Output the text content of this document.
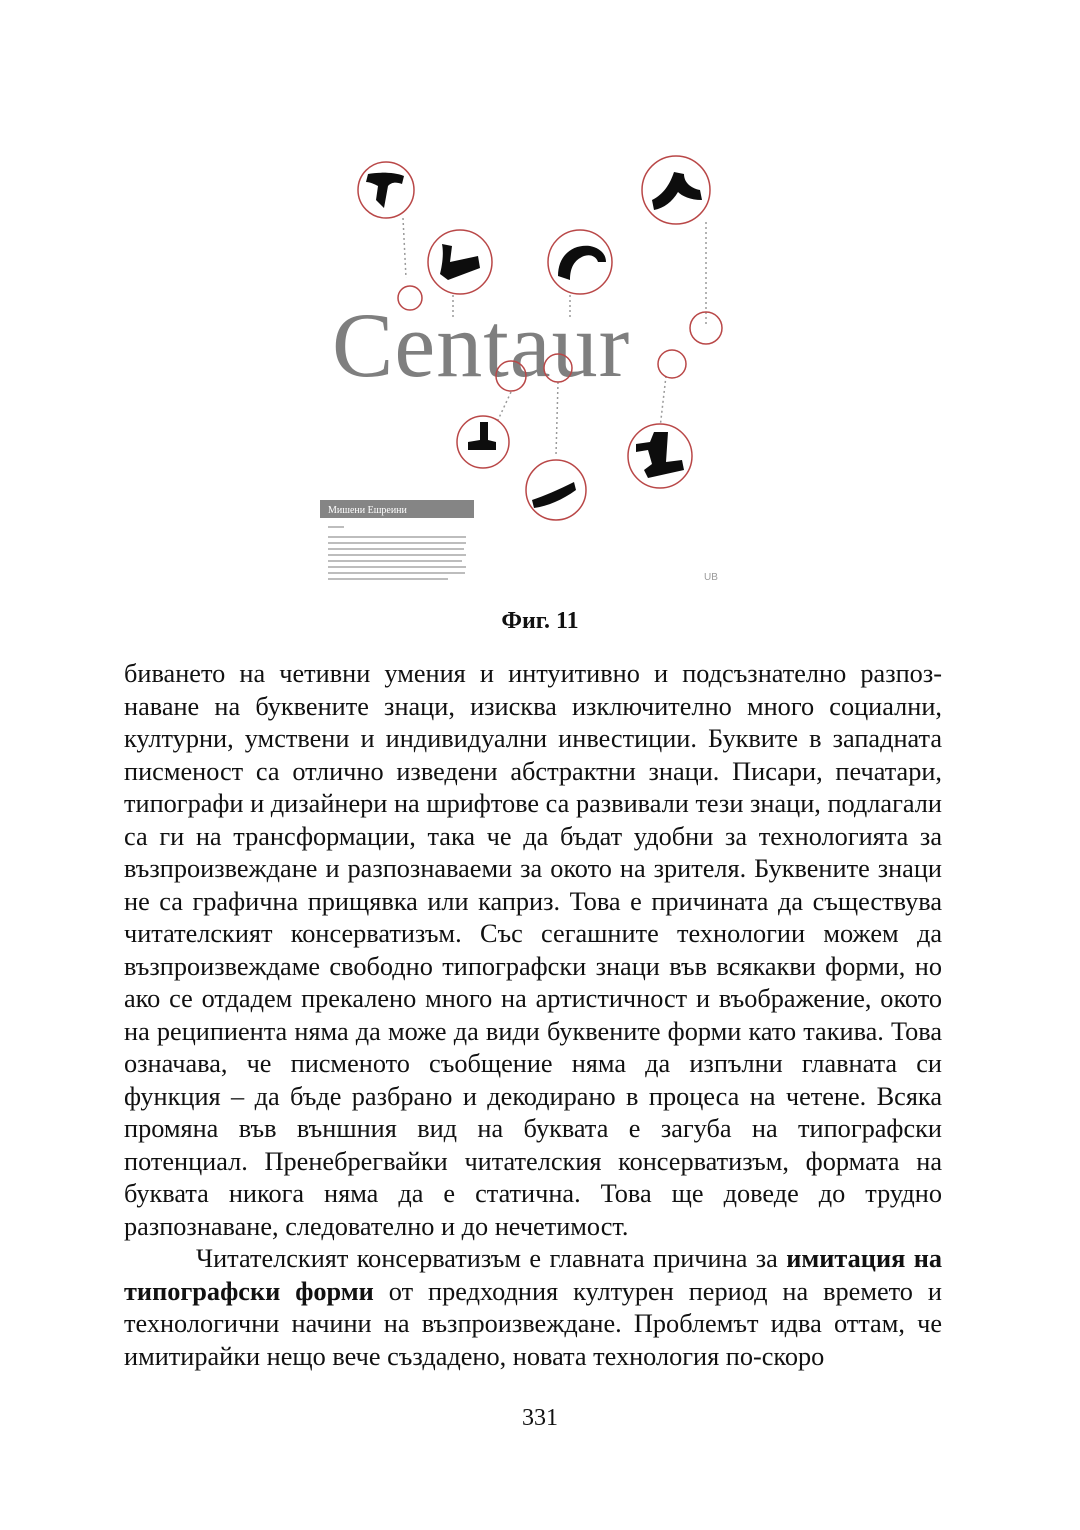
Centaur
Мишени Ешреини
UB
Фиг. 11

биването на четивни умения и интуитивно и подсъзнателно разпознаване на буквените знаци, изисква изключително много социални, културни, умствени и индивидуални инвестиции. Буквите в западната писменост са отлично изведени абстрактни знаци. Писари, печатари, типографи и дизайнери на шрифтове са развивали тези знаци, подлагали са ги на трансформации, така че да бъдат удобни за технологията за възпроизвеждане и разпознаваеми за окото на зрителя. Буквените знаци не са графична прищявка или каприз. Това е причината да съществува читателският консерватизъм. Със сегашните технологии можем да възпроизвеждаме свободно типографски знаци във всякакви форми, но ако се отдадем прекалено много на артистичност и въображение, окото на реципиента няма да може да види буквените форми като такива. Това означава, че писменото съобщение няма да изпълни главната си функция – да бъде разбрано и декодирано в процеса на четене. Всяка промяна във външния вид на буквата е загуба на типографски потенциал. Пренебрегвайки читателския консерватизъм, формата на буквата никога няма да е статична. Това ще доведе до трудно разпознаване, следователно и до нечетимост.

Читателският консерватизъм е главната причина за имитация на типографски форми от предходния културен период на времето и технологични начини на възпроизвеждане. Проблемът идва оттам, че имитирайки нещо вече създадено, новата технология по-скоро

331
